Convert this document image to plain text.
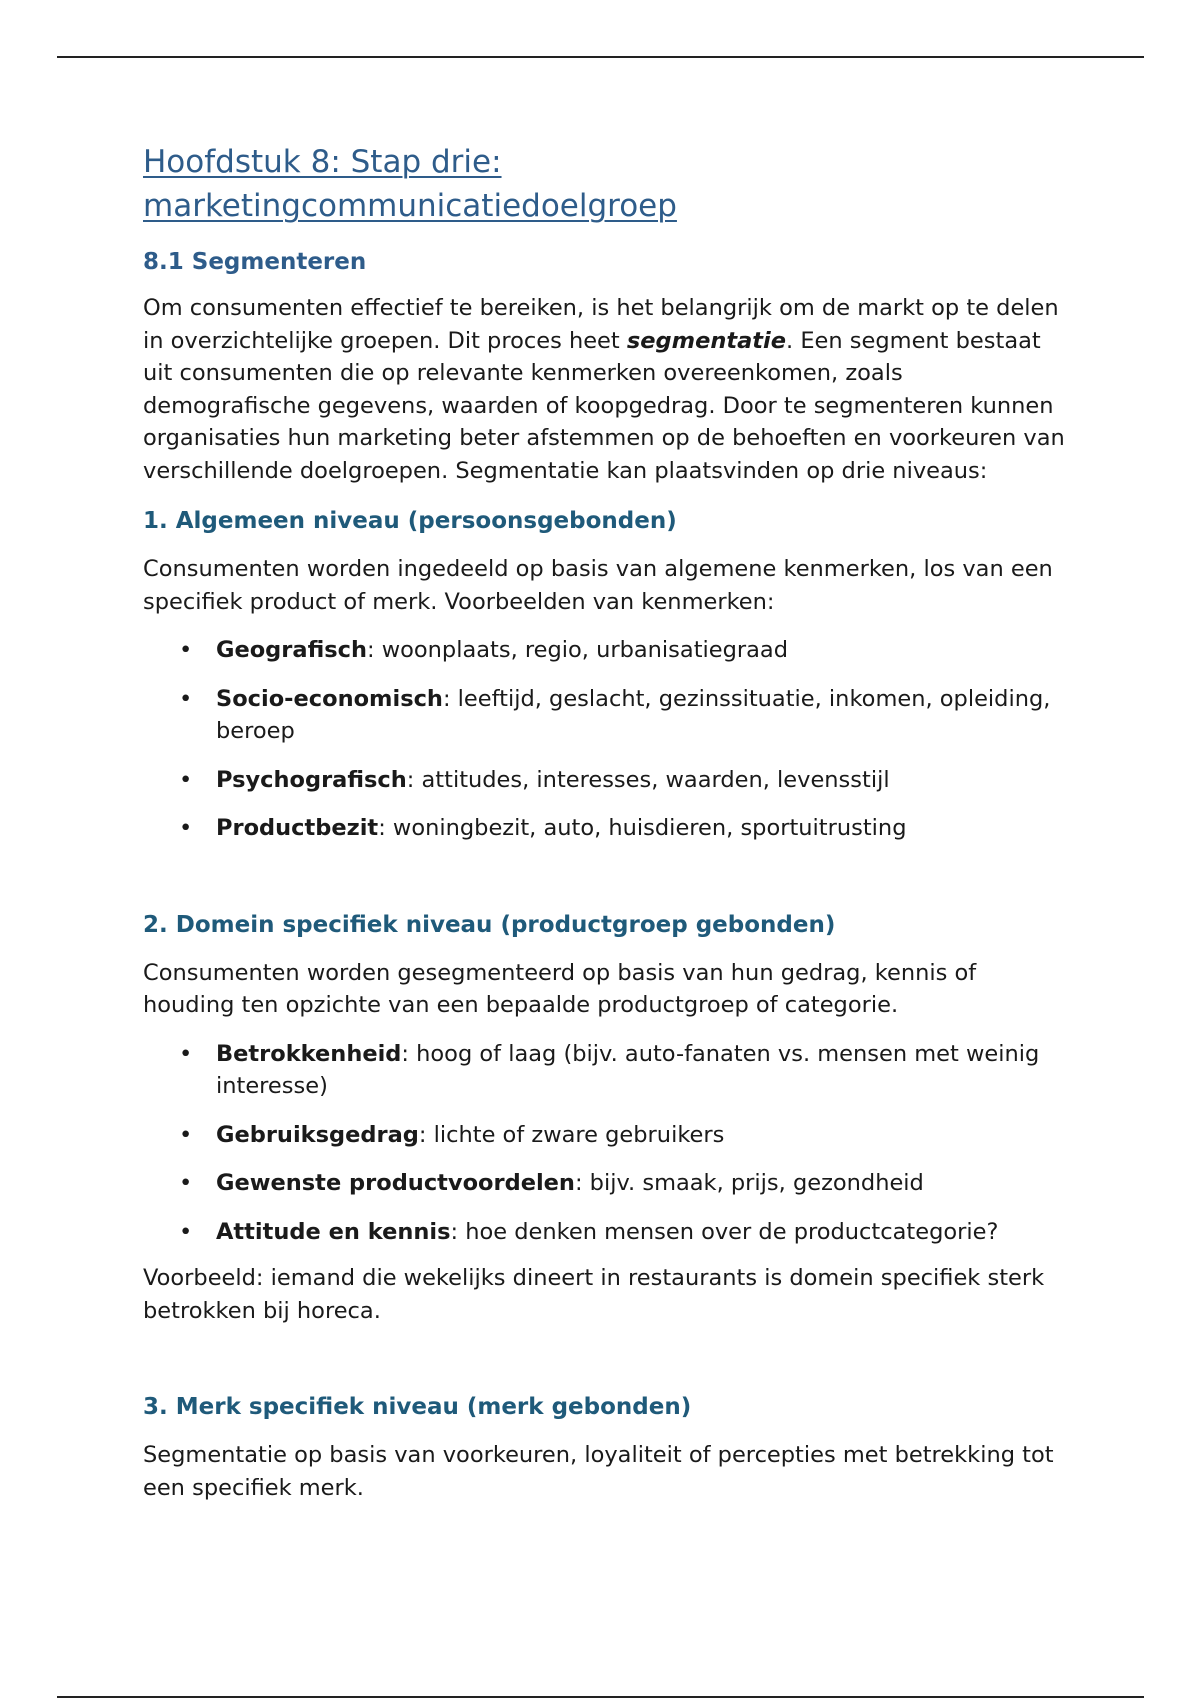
Hoofdstuk 8: Stap drie:
marketingcommunicatiedoelgroep
8.1 Segmenteren

Om consumenten effectief te bereiken, is het belangrijk om de markt op te delen in overzichtelijke groepen. Dit proces heet segmentatie. Een segment bestaat uit consumenten die op relevante kenmerken overeenkomen, zoals demografische gegevens, waarden of koopgedrag. Door te segmenteren kunnen organisaties hun marketing beter afstemmen op de behoeften en voorkeuren van verschillende doelgroepen. Segmentatie kan plaatsvinden op drie niveaus:

1. Algemeen niveau (persoonsgebonden)

Consumenten worden ingedeeld op basis van algemene kenmerken, los van een specifiek product of merk. Voorbeelden van kenmerken:

• Geografisch: woonplaats, regio, urbanisatiegraad
• Socio-economisch: leeftijd, geslacht, gezinssituatie, inkomen, opleiding, beroep
• Psychografisch: attitudes, interesses, waarden, levensstijl
• Productbezit: woningbezit, auto, huisdieren, sportuitrusting
2. Domein specifiek niveau (productgroep gebonden)

Consumenten worden gesegmenteerd op basis van hun gedrag, kennis of houding ten opzichte van een bepaalde productgroep of categorie.

• Betrokkenheid: hoog of laag (bijv. auto-fanaten vs. mensen met weinig interesse)
• Gebruiksgedrag: lichte of zware gebruikers
• Gewenste productvoordelen: bijv. smaak, prijs, gezondheid
• Attitude en kennis: hoe denken mensen over de productcategorie?

Voorbeeld: iemand die wekelijks dineert in restaurants is domein specifiek sterk betrokken bij horeca.

3. Merk specifiek niveau (merk gebonden)

Segmentatie op basis van voorkeuren, loyaliteit of percepties met betrekking tot een specifiek merk.
